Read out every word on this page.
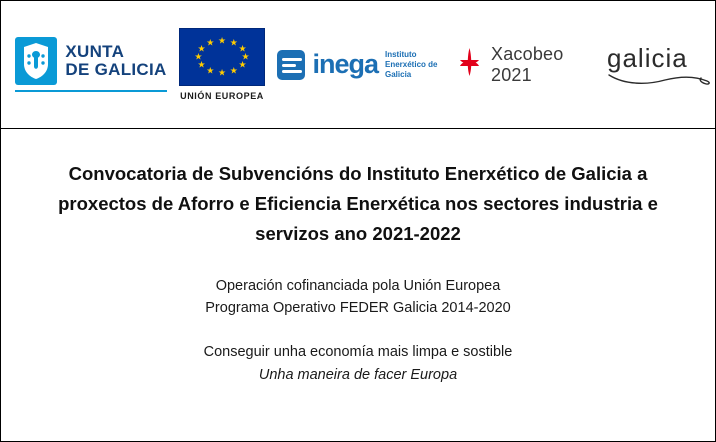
XUNTA
DE GALICIA
★ ★
★
★
★
★
★
★
★
★
★
★
UNIÓN EUROPEA
inega Instituto Enerxético de Galicia
Xacobeo 2021
galicia
Convocatoria de Subvencións do Instituto Enerxético de Galicia a proxectos de Aforro e Eficiencia Enerxética nos sectores industria e servizos ano 2021-2022
Operación cofinanciada pola Unión Europea
Programa Operativo FEDER Galicia 2014-2020
Conseguir unha economía mais limpa e sostible
Unha maneira de facer Europa
